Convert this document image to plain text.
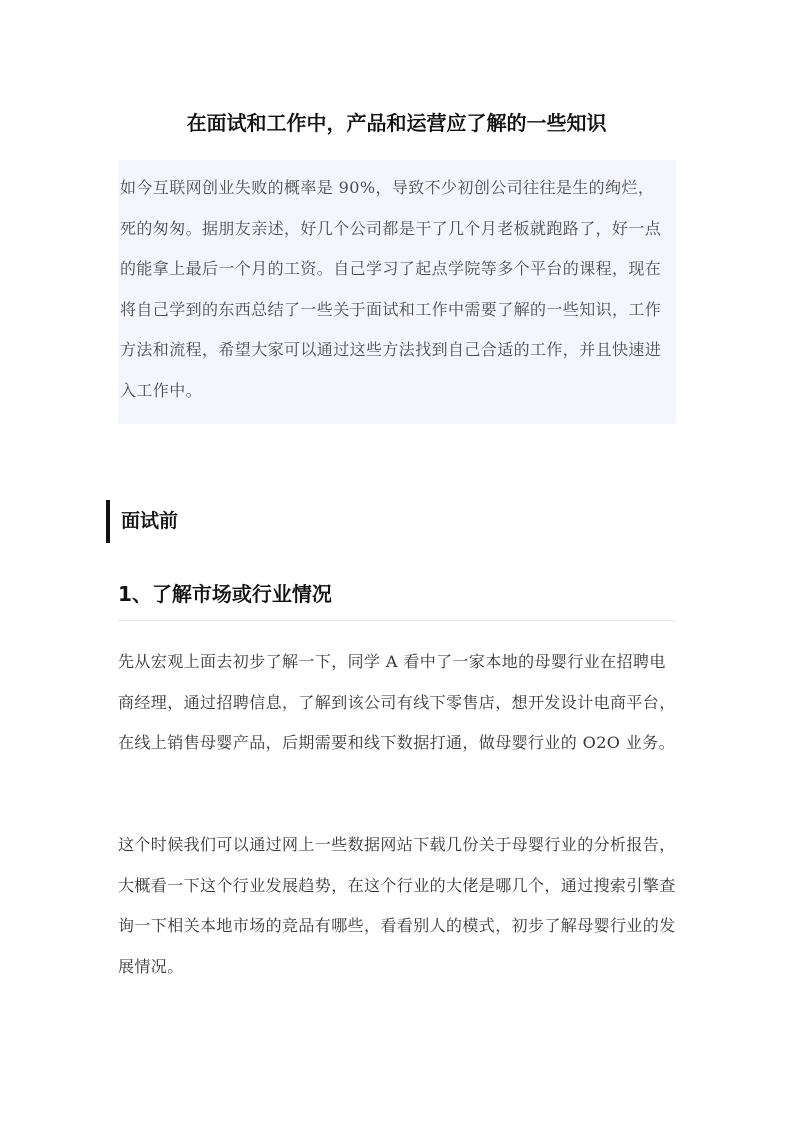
在面试和工作中，产品和运营应了解的一些知识

如今互联网创业失败的概率是 90%，导致不少初创公司往往是生的绚烂，死的匆匆。据朋友亲述，好几个公司都是干了几个月老板就跑路了，好一点的能拿上最后一个月的工资。自己学习了起点学院等多个平台的课程，现在将自己学到的东西总结了一些关于面试和工作中需要了解的一些知识，工作方法和流程，希望大家可以通过这些方法找到自己合适的工作，并且快速进入工作中。

面试前
1、了解市场或行业情况

先从宏观上面去初步了解一下，同学 A 看中了一家本地的母婴行业在招聘电商经理，通过招聘信息，了解到该公司有线下零售店，想开发设计电商平台，在线上销售母婴产品，后期需要和线下数据打通，做母婴行业的 O2O 业务。

这个时候我们可以通过网上一些数据网站下载几份关于母婴行业的分析报告，大概看一下这个行业发展趋势，在这个行业的大佬是哪几个，通过搜索引擎查询一下相关本地市场的竞品有哪些，看看别人的模式，初步了解母婴行业的发展情况。
